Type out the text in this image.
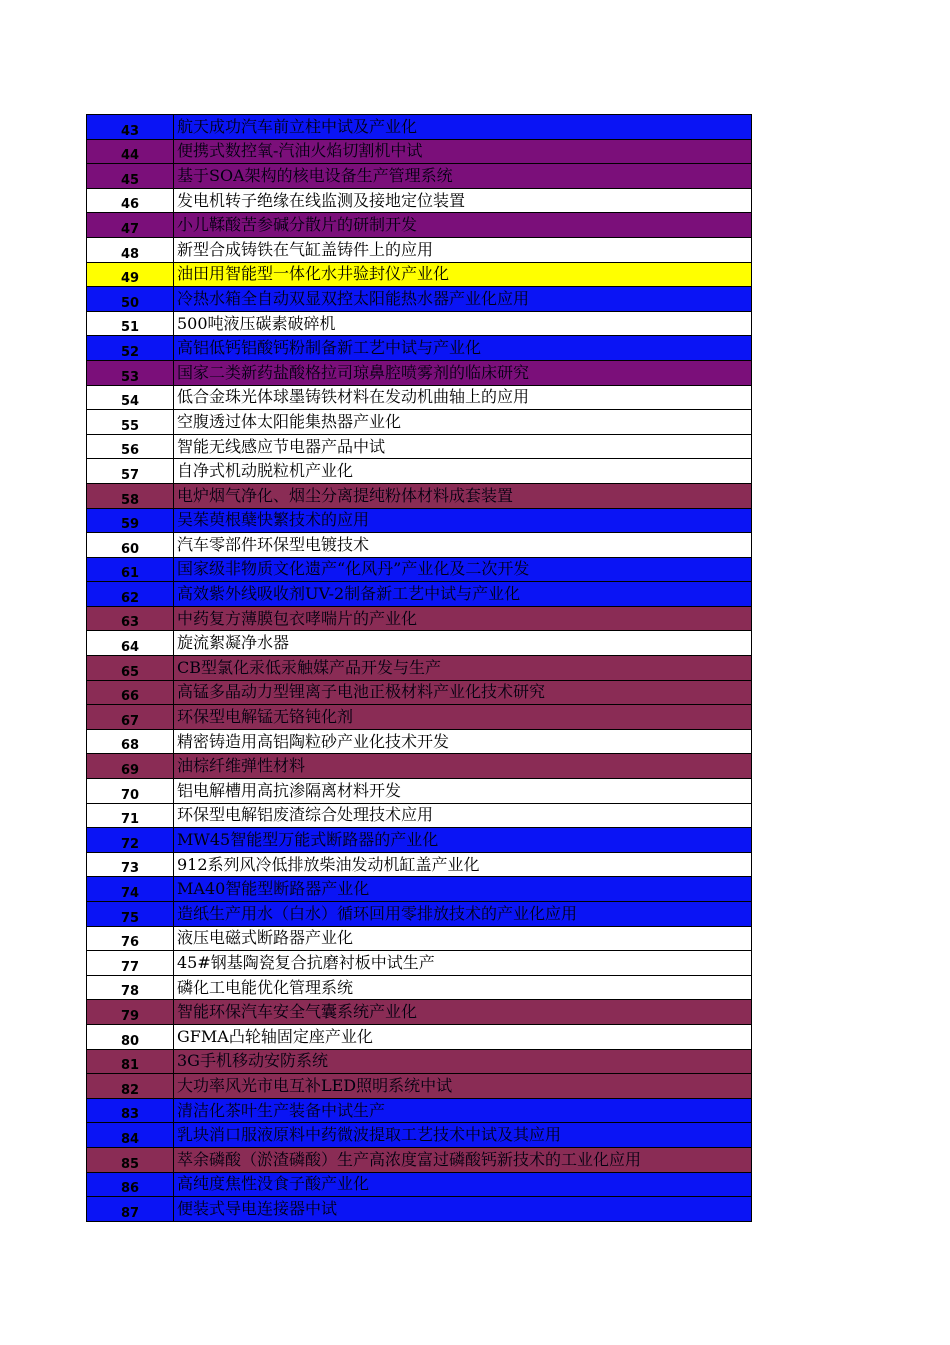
43	航天成功汽车前立柱中试及产业化
44	便携式数控氧-汽油火焰切割机中试
45	基于SOA架构的核电设备生产管理系统
46	发电机转子绝缘在线监测及接地定位装置
47	小儿鞣酸苦参碱分散片的研制开发
48	新型合成铸铁在气缸盖铸件上的应用
49	油田用智能型一体化水井验封仪产业化
50	冷热水箱全自动双显双控太阳能热水器产业化应用
51	500吨液压碳素破碎机
52	高铝低钙铝酸钙粉制备新工艺中试与产业化
53	国家二类新药盐酸格拉司琼鼻腔喷雾剂的临床研究
54	低合金珠光体球墨铸铁材料在发动机曲轴上的应用
55	空腹透过体太阳能集热器产业化
56	智能无线感应节电器产品中试
57	自净式机动脱粒机产业化
58	电炉烟气净化、烟尘分离提纯粉体材料成套装置
59	吴茱萸根蘖快繁技术的应用
60	汽车零部件环保型电镀技术
61	国家级非物质文化遗产“化风丹”产业化及二次开发
62	高效紫外线吸收剂UV-2制备新工艺中试与产业化
63	中药复方薄膜包衣哮喘片的产业化
64	旋流絮凝净水器
65	CB型氯化汞低汞触媒产品开发与生产
66	高锰多晶动力型锂离子电池正极材料产业化技术研究
67	环保型电解锰无铬钝化剂
68	精密铸造用高铝陶粒砂产业化技术开发
69	油棕纤维弹性材料
70	铝电解槽用高抗渗隔离材料开发
71	环保型电解铝废渣综合处理技术应用
72	MW45智能型万能式断路器的产业化
73	912系列风冷低排放柴油发动机缸盖产业化
74	MA40智能型断路器产业化
75	造纸生产用水（白水）循环回用零排放技术的产业化应用
76	液压电磁式断路器产业化
77	45#钢基陶瓷复合抗磨衬板中试生产
78	磷化工电能优化管理系统
79	智能环保汽车安全气囊系统产业化
80	GFMA凸轮轴固定座产业化
81	3G手机移动安防系统
82	大功率风光市电互补LED照明系统中试
83	清洁化茶叶生产装备中试生产
84	乳块消口服液原料中药微波提取工艺技术中试及其应用
85	萃余磷酸（淤渣磷酸）生产高浓度富过磷酸钙新技术的工业化应用
86	高纯度焦性没食子酸产业化
87	便装式导电连接器中试
